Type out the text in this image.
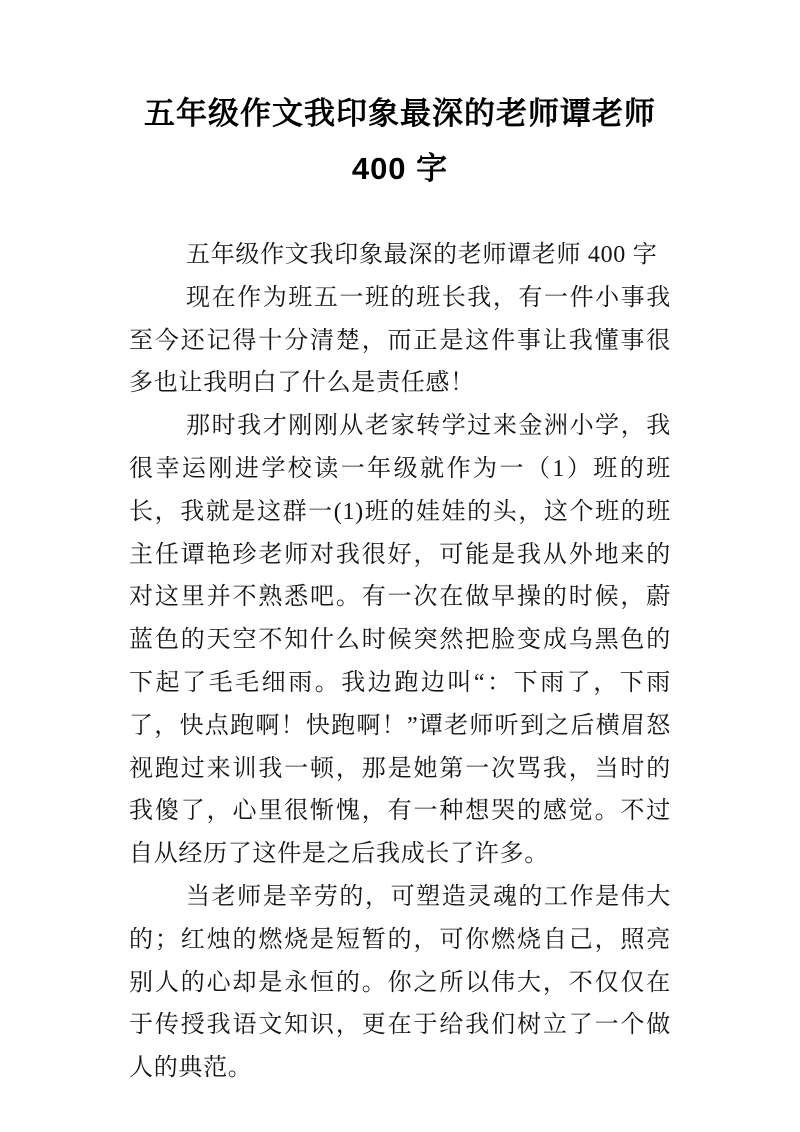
五年级作文我印象最深的老师谭老师
400 字

五年级作文我印象最深的老师谭老师 400 字

现在作为班五一班的班长我，有一件小事我至今还记得十分清楚，而正是这件事让我懂事很多也让我明白了什么是责任感！

那时我才刚刚从老家转学过来金洲小学，我很幸运刚进学校读一年级就作为一（1）班的班长，我就是这群一(1)班的娃娃的头，这个班的班主任谭艳珍老师对我很好，可能是我从外地来的对这里并不熟悉吧。有一次在做早操的时候，蔚蓝色的天空不知什么时候突然把脸变成乌黑色的下起了毛毛细雨。我边跑边叫“：下雨了，下雨了，快点跑啊！快跑啊！”谭老师听到之后横眉怒视跑过来训我一顿，那是她第一次骂我，当时的我傻了，心里很惭愧，有一种想哭的感觉。不过自从经历了这件是之后我成长了许多。

当老师是辛劳的，可塑造灵魂的工作是伟大的；红烛的燃烧是短暂的，可你燃烧自己，照亮别人的心却是永恒的。你之所以伟大，不仅仅在于传授我语文知识，更在于给我们树立了一个做人的典范。
